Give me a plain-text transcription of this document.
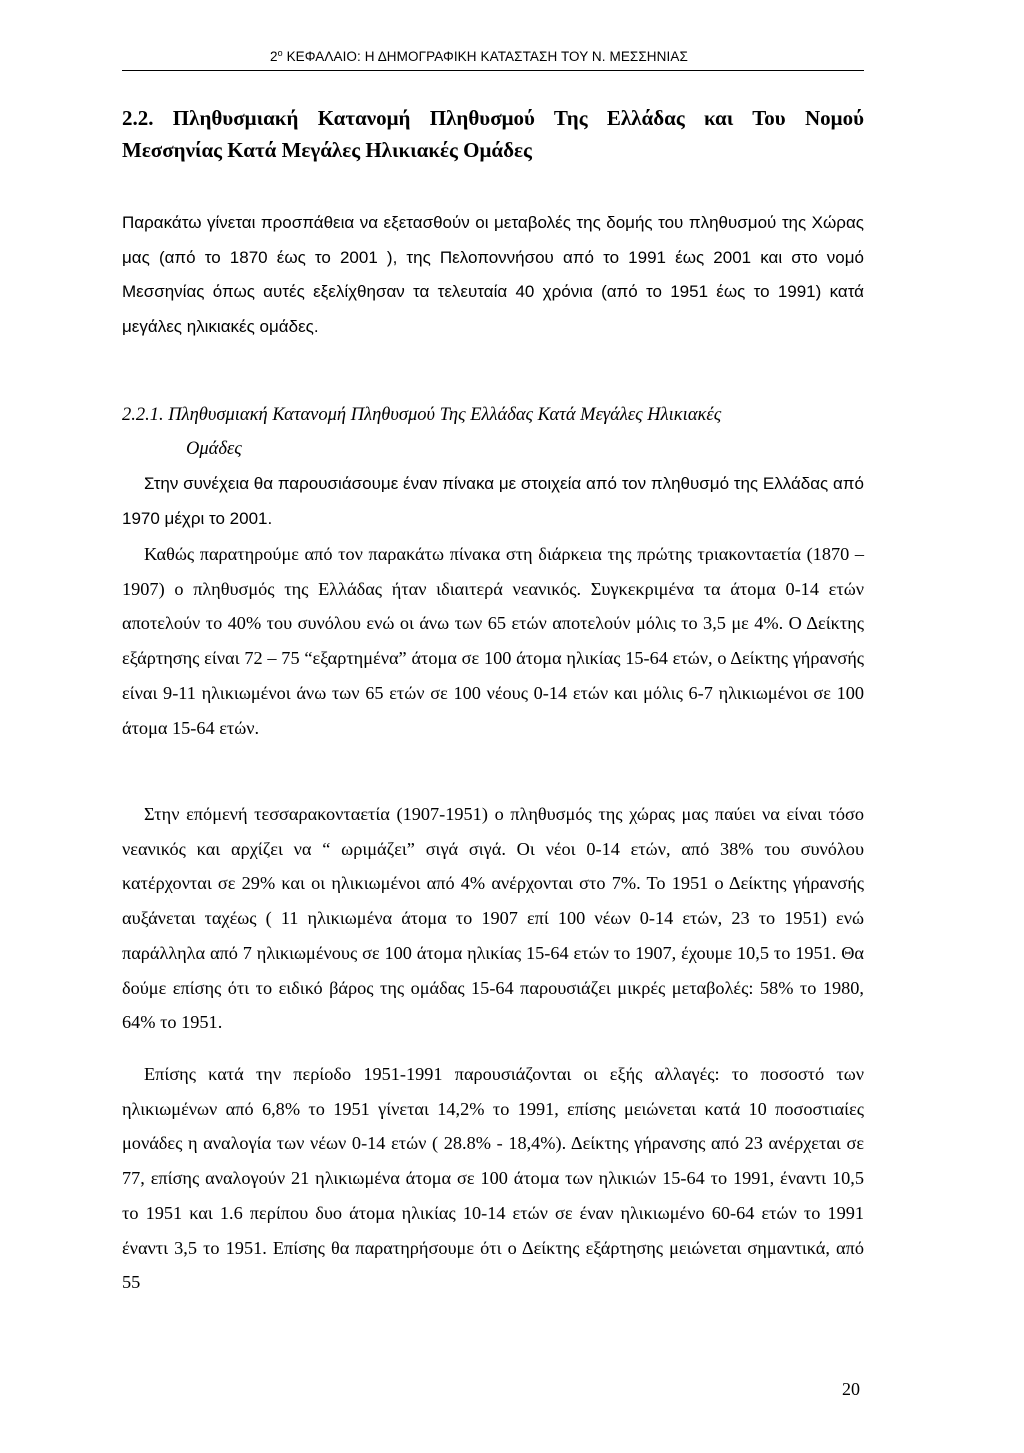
$2^o$ ΚΕΦΑΛΑΙΟ: Η ΔΗΜΟΓΡΑΦΙΚΗ ΚΑΤΑΣΤΑΣΗ ΤΟΥ Ν. ΜΕΣΣΗΝΙΑΣ
2.2. Πληθυσμιακή Κατανομή Πληθυσμού Της Ελλάδας και Του Νομού
Μεσσηνίας Κατά Μεγάλες Ηλικιακές Ομάδες
Παρακάτω γίνεται προσπάθεια να εξετασθούν οι μεταβολές της δομής του πληθυσμού της Χώρας μας (από το 1870 έως το 2001 ), της Πελοποννήσου από το 1991 έως 2001 και στο νομό Μεσσηνίας όπως αυτές εξελίχθησαν τα τελευταία 40 χρόνια (από το 1951 έως το 1991) κατά μεγάλες ηλικιακές ομάδες.
2.2.1. Πληθυσμιακή Κατανομή Πληθυσμού Της Ελλάδας Κατά Μεγάλες Ηλικιακές
Ομάδες
Στην συνέχεια θα παρουσιάσουμε έναν πίνακα με στοιχεία από τον πληθυσμό της Ελλάδας από 1970 μέχρι το 2001.
Καθώς παρατηρούμε από τον παρακάτω πίνακα στη διάρκεια της πρώτης τριακονταετία (1870 – 1907) ο πληθυσμός της Ελλάδας ήταν ιδιαιτερά νεανικός. Συγκεκριμένα τα άτομα 0-14 ετών αποτελούν το 40% του συνόλου ενώ οι άνω των 65 ετών αποτελούν μόλις το 3,5 με 4%. Ο Δείκτης εξάρτησης είναι 72 – 75 “εξαρτημένα” άτομα σε 100 άτομα ηλικίας 15-64 ετών, ο Δείκτης γήρανσής είναι 9-11 ηλικιωμένοι άνω των 65 ετών σε 100 νέους 0-14 ετών και μόλις 6-7 ηλικιωμένοι σε 100 άτομα 15-64 ετών.
Στην επόμενή τεσσαρακονταετία (1907-1951) ο πληθυσμός της χώρας μας παύει να είναι τόσο νεανικός και αρχίζει να “ ωριμάζει” σιγά σιγά. Οι νέοι 0-14 ετών, από 38% του συνόλου κατέρχονται σε 29% και οι ηλικιωμένοι από 4% ανέρχονται στο 7%. Το 1951 ο Δείκτης γήρανσής αυξάνεται ταχέως ( 11 ηλικιωμένα άτομα το 1907 επί 100 νέων 0-14 ετών, 23 το 1951) ενώ παράλληλα από 7 ηλικιωμένους σε 100 άτομα ηλικίας 15-64 ετών το 1907, έχουμε 10,5 το 1951. Θα δούμε επίσης ότι το ειδικό βάρος της ομάδας 15-64 παρουσιάζει μικρές μεταβολές: 58% το 1980, 64% το 1951.
Επίσης κατά την περίοδο 1951-1991 παρουσιάζονται οι εξής αλλαγές: το ποσοστό των ηλικιωμένων από 6,8% το 1951 γίνεται 14,2% το 1991, επίσης μειώνεται κατά 10 ποσοστιαίες μονάδες η αναλογία των νέων 0-14 ετών ( 28.8% - 18,4%). Δείκτης γήρανσης από 23 ανέρχεται σε 77, επίσης αναλογούν 21 ηλικιωμένα άτομα σε 100 άτομα των ηλικιών 15-64 το 1991, έναντι 10,5 το 1951 και 1.6 περίπου δυο άτομα ηλικίας 10-14 ετών σε έναν ηλικιωμένο 60-64 ετών το 1991 έναντι 3,5 το 1951. Επίσης θα παρατηρήσουμε ότι ο Δείκτης εξάρτησης μειώνεται σημαντικά, από 55
20
